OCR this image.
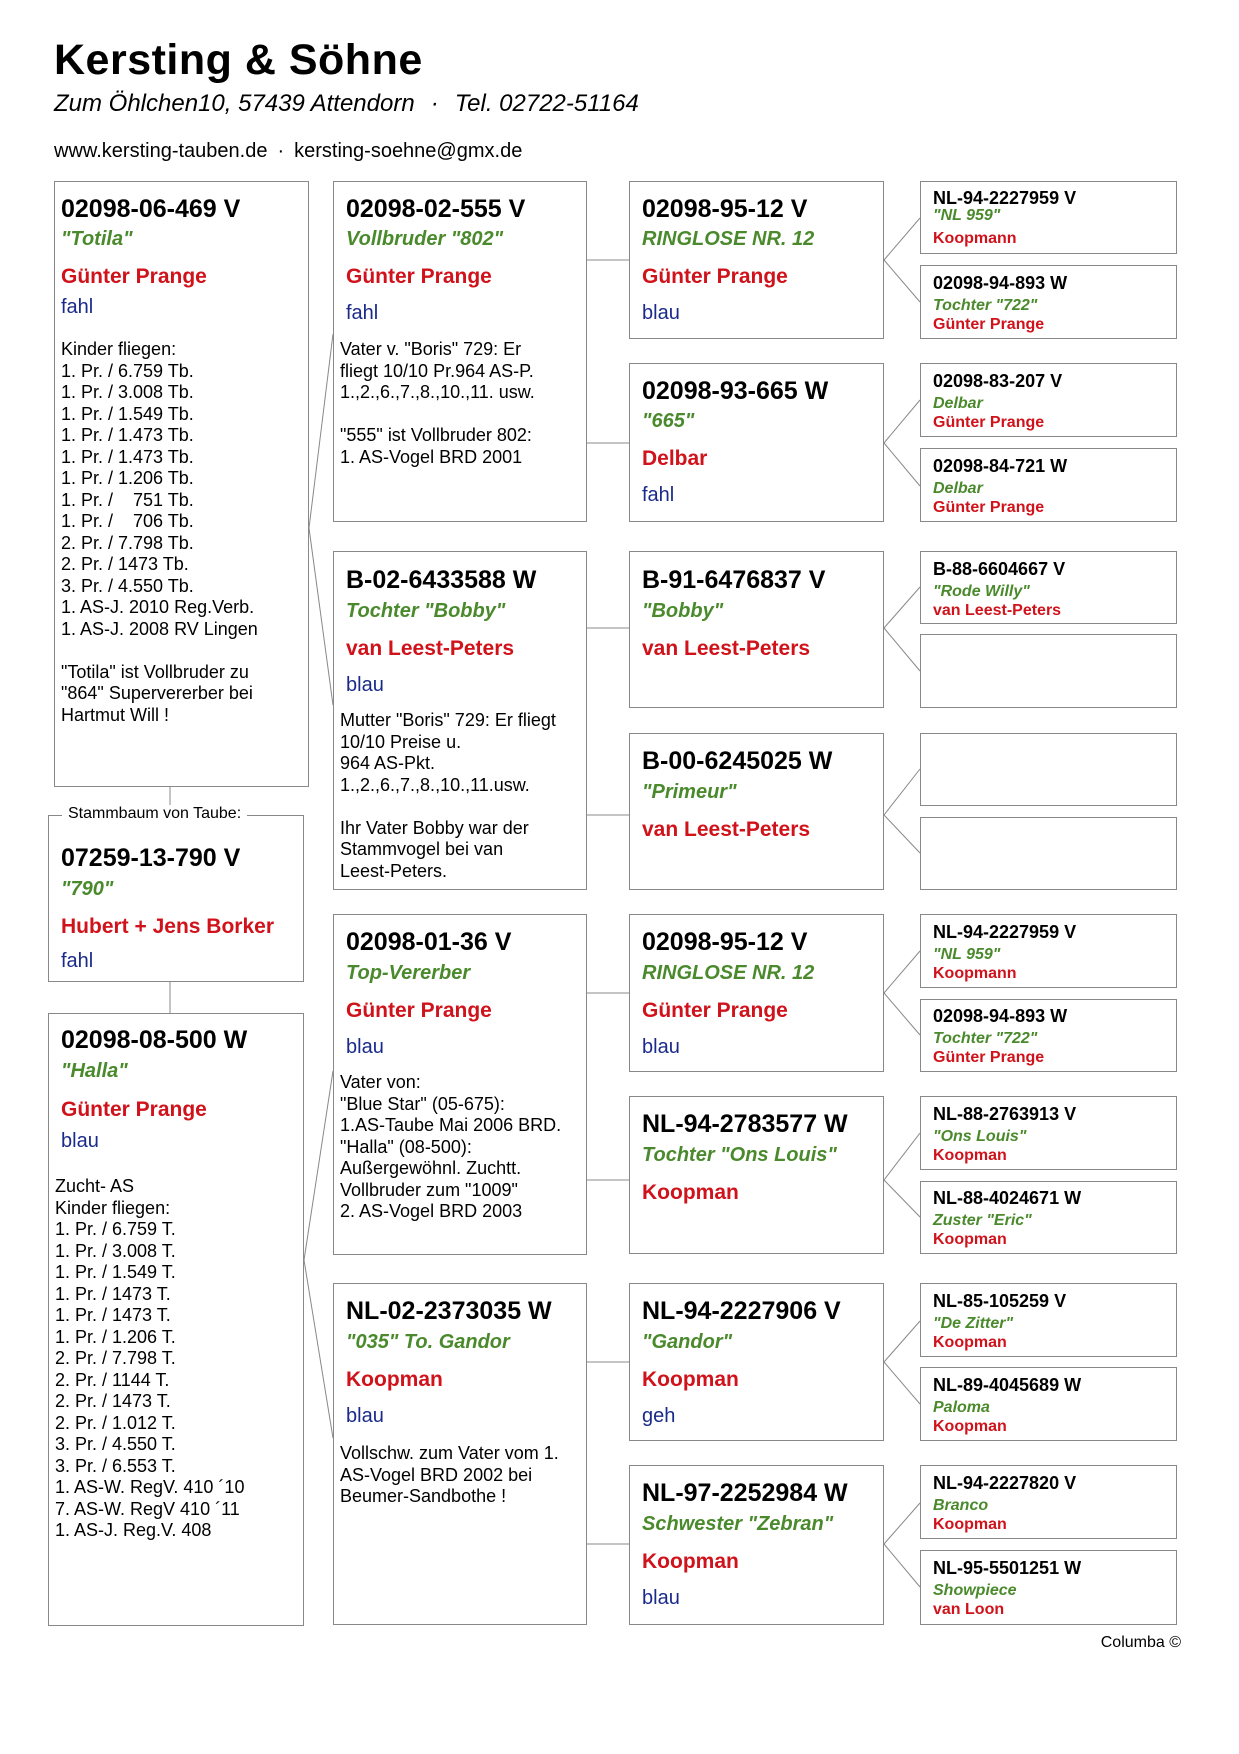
Kersting & Söhne
Zum Öhlchen10, 57439 Attendorn · Tel. 02722-51164
www.kersting-tauben.de · kersting-soehne@gmx.de
02098-06-469 V
"Totila"
Günter Prange
fahl
Kinder fliegen:
1. Pr. / 6.759 Tb.
1. Pr. / 3.008 Tb.
1. Pr. / 1.549 Tb.
1. Pr. / 1.473 Tb.
1. Pr. / 1.473 Tb.
1. Pr. / 1.206 Tb.
1. Pr. /    751 Tb.
1. Pr. /    706 Tb.
2. Pr. / 7.798 Tb.
2. Pr. / 1473 Tb.
3. Pr. / 4.550 Tb.
1. AS-J. 2010 Reg.Verb.
1. AS-J. 2008 RV Lingen

"Totila" ist Vollbruder zu
"864" Supervererber bei
Hartmut Will !
07259-13-790 V
"790"
Hubert + Jens Borker
fahl
Stammbaum von Taube:
02098-08-500 W
"Halla"
Günter Prange
blau
Zucht- AS
Kinder fliegen:
1. Pr. / 6.759 T.
1. Pr. / 3.008 T.
1. Pr. / 1.549 T.
1. Pr. / 1473 T.
1. Pr. / 1473 T.
1. Pr. / 1.206 T.
2. Pr. / 7.798 T.
2. Pr. / 1144 T.
2. Pr. / 1473 T.
2. Pr. / 1.012 T.
3. Pr. / 4.550 T.
3. Pr. / 6.553 T.
1. AS-W. RegV. 410 ´10
7. AS-W. RegV 410 ´11
1. AS-J. Reg.V. 408
02098-02-555 V
Vollbruder "802"
Günter Prange
fahl
Vater v. "Boris" 729: Er
fliegt 10/10 Pr.964 AS-P.
1.,2.,6.,7.,8.,10.,11. usw.

"555" ist Vollbruder 802:
1. AS-Vogel BRD 2001
B-02-6433588 W
Tochter "Bobby"
van Leest-Peters
blau
Mutter "Boris" 729: Er fliegt
10/10 Preise u.
964 AS-Pkt.
1.,2.,6.,7.,8.,10.,11.usw.

Ihr Vater Bobby war der
Stammvogel bei van
Leest-Peters.
02098-01-36 V
Top-Vererber
Günter Prange
blau
Vater von:
"Blue Star" (05-675):
1.AS-Taube Mai 2006 BRD.
"Halla" (08-500):
Außergewöhnl. Zuchtt.
Vollbruder zum "1009"
2. AS-Vogel BRD 2003
NL-02-2373035 W
"035" To. Gandor
Koopman
blau
Vollschw. zum Vater vom 1.
AS-Vogel BRD 2002 bei
Beumer-Sandbothe !
02098-95-12 V
RINGLOSE NR. 12
Günter Prange
blau
02098-93-665 W
"665"
Delbar
fahl
B-91-6476837 V
"Bobby"
van Leest-Peters
B-00-6245025 W
"Primeur"
van Leest-Peters
02098-95-12 V
RINGLOSE NR. 12
Günter Prange
blau
NL-94-2783577 W
Tochter "Ons Louis"
Koopman
NL-94-2227906 V
"Gandor"
Koopman
geh
NL-97-2252984 W
Schwester "Zebran"
Koopman
blau
NL-94-2227959 V
"NL 959"
Koopmann
02098-94-893 W
Tochter "722"
Günter Prange
02098-83-207 V
Delbar
Günter Prange
02098-84-721 W
Delbar
Günter Prange
B-88-6604667 V
"Rode Willy"
van Leest-Peters
NL-94-2227959 V
"NL 959"
Koopmann
02098-94-893 W
Tochter "722"
Günter Prange
NL-88-2763913 V
"Ons Louis"
Koopman
NL-88-4024671 W
Zuster "Eric"
Koopman
NL-85-105259 V
"De Zitter"
Koopman
NL-89-4045689 W
Paloma
Koopman
NL-94-2227820 V
Branco
Koopman
NL-95-5501251 W
Showpiece
van Loon
Columba ©
